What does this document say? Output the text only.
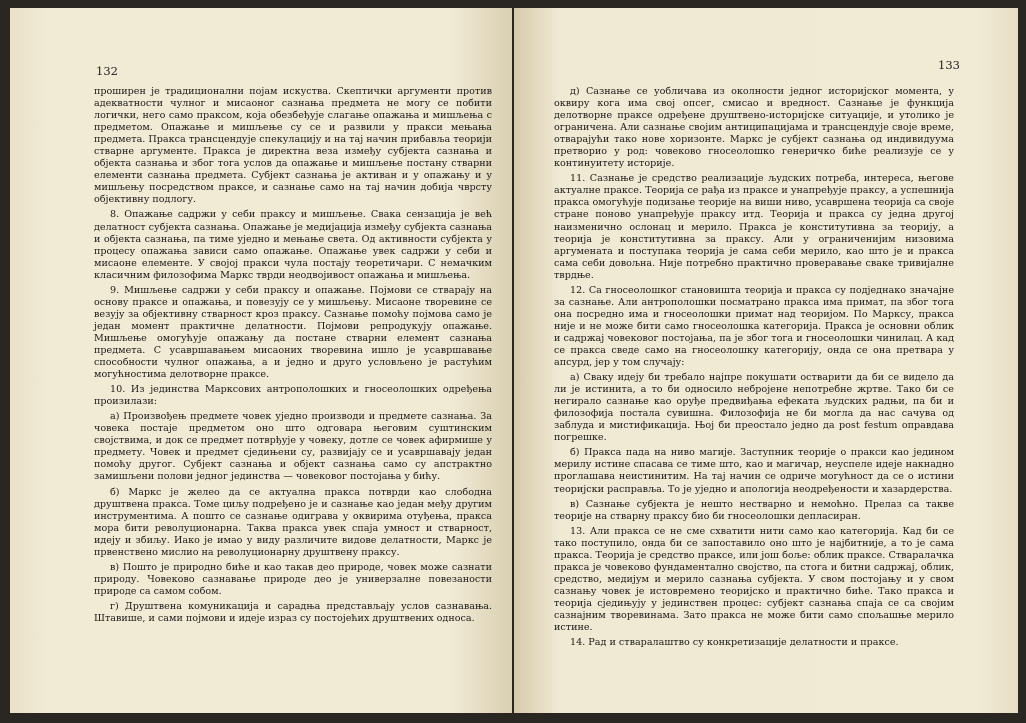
132

проширен је традиционални појам искуства. Скептички аргументи против адекватности чулног и мисаоног сазнања предмета не могу се побити логички, него само праксом, која обезбеђује слагање опажања и мишљења с предметом. Опажање и мишљење су се и развили у пракси мењања предмета. Пракса трансцендује спекулацију и на тај начин прибавља теорији стварне аргументе. Пракса је директна веза између субјекта сазнања и објекта сазнања и због тога услов да опажање и мишљење постану стварни елементи сазнања предмета. Субјект сазнања је активан и у опажању и у мишљењу посредством праксе, и сазнање само на тај начин добија чврсту објективну подлогу.

8. Опажање садржи у себи праксу и мишљење. Свака сензација је већ делатност субјекта сазнања. Опажање је медијација између субјекта сазнања и објекта сазнања, па тиме уједно и мењање света. Од активности субјекта у процесу опажања зависи само опажање. Опажање увек садржи у себи и мисаоне елементе. У својој пракси чула постају теоретичари. С немачким класичним филозофима Маркс тврди неодвојивост опажања и мишљења.

9. Мишљење садржи у себи праксу и опажање. Појмови се стварају на основу праксе и опажања, и повезују се у мишљењу. Мисаоне творевине се везују за објективну стварност кроз праксу. Сазнање помоћу појмова само је један момент практичне делатности. Појмови репродукују опажање. Мишљење омогућује опажању да постане стварни елемент сазнања предмета. С усавршавањем мисаоних творевина ишло је усавршавање способности чулног опажања, а и једно и друго условљено је растућим могућностима делотворне праксе.

10. Из јединства Марксових антрополошких и гносеолошких одређења произилази:

а) Произвођењ предмете човек уједно производи и предмете сазнања. За човека постаје предметом оно што одговара његовим суштинским својствима, и док се предмет потврђује у човеку, дотле се човек афирмише у предмету. Човек и предмет сједињени су, развијају се и усавршавају један помоћу другог. Субјект сазнања и објект сазнања само су апстрактно замишљени полови једног јединства — човековог постојања у бићу.

б) Маркс је желео да се актуална пракса потврди као слободна друштвена пракса. Томе циљу подређено је и сазнање као један међу другим инструментима. А пошто се сазнање одиграва у оквирима отуђења, пракса мора бити револуционарна. Таква пракса увек спаја умност и стварност, идеју и збиљу. Иако је имао у виду различите видове делатности, Маркс је првенствено мислио на револуционарну друштвену праксу.

в) Пошто је природно биће и као такав део природе, човек може сазнати природу. Човеково сазнавање природе део је универзалне повезаности природе са самом собом.

г) Друштвена комуникација и сарадња представљају услов сазнавања. Штавише, и сами појмови и идеје израз су постојећих друштвених односа.

133

д) Сазнање се уобличава из околности једног историјског момента, у оквиру кога има свој опсег, смисао и вредност. Сазнање је функција делотворне праксе одређене друштвено-историјске ситуације, и утолико је ограничена. Али сазнање својим антиципацијама и трансцендује своје време, отварајући тако нове хоризонте. Маркс је субјект сазнања од индивидуума претворио у род: човеково гносеолошко генеричко биће реализује се у континуитету историје.

11. Сазнање је средство реализације људских потреба, интереса, његове актуалне праксе. Теорија се рађа из праксе и унапређује праксу, а успешнија пракса омогућује подизање теорије на виши ниво, усавршена теорија са своје стране поново унапређује праксу итд. Теорија и пракса су једна другој наизменично ослонац и мерило. Пракса је конститутивна за теорију, а теорија је конститутивна за праксу. Али у ограниченијим низовима аргумената и поступака теорија је сама себи мерило, као што је и пракса сама себи довољна. Није потребно практично проверавање сваке тривијалне тврдње.

12. Са гносеолошког становишта теорија и пракса су подједнако значајне за сазнање. Али антрополошки посматрано пракса има примат, па због тога она посредно има и гносеолошки примат над теоријом. По Марксу, пракса није и не може бити само гносеолошка категорија. Пракса је основни облик и садржај човековог постојања, па је због тога и гносеолошки чинилац. А кад се пракса сведе само на гносеолошку категорију, онда се она претвара у апсурд, јер у том случају:

а) Сваку идеју би требало најпре покушати остварити да би се видело да ли је истинита, а то би односило небројене непотребне жртве. Тако би се негирало сазнање као оруђе предвиђања ефеката људских радњи, па би и филозофија постала сувишна. Филозофија не би могла да нас сачува од заблуда и мистификација. Њој би преостало једно да post festum оправдава погрешке.

б) Пракса пада на ниво магије. Заступник теорије о пракси као једином мерилу истине спасава се тиме што, као и магичар, неуспеле идеје накнадно проглашава неистинитим. На тај начин се одриче могућност да се о истини теоријски расправља. То је уједно и апологија неодређености и хазардерства.

в) Сазнање субјекта је нешто нестварно и немоћно. Прелаз са такве теорије на стварну праксу био би гносеолошки депласиран.

13. Али пракса се не сме схватити нити само као категорија. Кад би се тако поступило, онда би се запоставило оно што је најбитније, а то је сама пракса. Теорија је средство праксе, или још боље: облик праксе. Стваралачка пракса је човеково фундаментално својство, па стога и битни садржај, облик, средство, медијум и мерило сазнања субјекта. У свом постојању и у свом сазнању човек је истовремено теоријско и практично биће. Тако пракса и теорија сједињују у јединствен процес: субјект сазнања спаја се са својим сазнајним творевинама. Зато пракса не може бити само спољашње мерило истине.

14. Рад и стваралаштво су конкретизације делатности и праксе.
